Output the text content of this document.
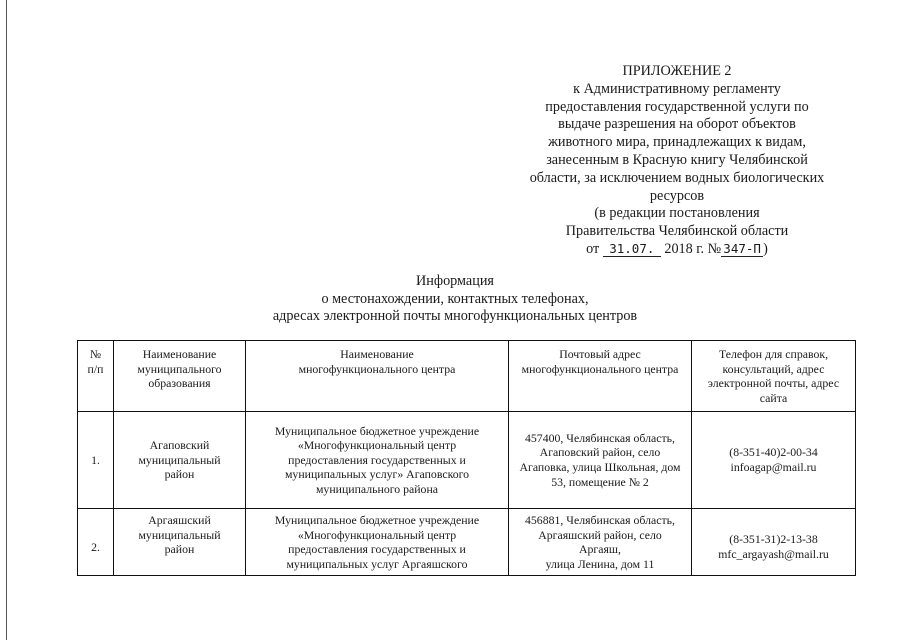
ПРИЛОЖЕНИЕ 2
к Административному регламенту
предоставления государственной услуги по
выдаче разрешения на оборот объектов
животного мира, принадлежащих к видам,
занесенным в Красную книгу Челябинской
области, за исключением водных биологических
ресурсов
(в редакции постановления
Правительства Челябинской области
от 31.07. 2018 г. № 347-П )
Информация
о местонахождении, контактных телефонах,
адресах электронной почты многофункциональных центров
№
п/п	Наименование
муниципального
образования	Наименование
многофункционального центра	Почтовый адрес
многофункционального центра	Телефон для справок,
консультаций, адрес
электронной почты, адрес
сайта

1.	Агаповский
муниципальный
район	Муниципальное бюджетное учреждение
«Многофункциональный центр
предоставления государственных и
муниципальных услуг» Агаповского
муниципального района	457400, Челябинская область,
Агаповский район, село
Агаповка, улица Школьная, дом
53, помещение № 2	(8-351-40)2-00-34
infoagap@mail.ru

2.	Аргаяшский
муниципальный
район	Муниципальное бюджетное учреждение
«Многофункциональный центр
предоставления государственных и
муниципальных услуг Аргаяшского	456881, Челябинская область,
Аргаяшский район, село
Аргаяш,
улица Ленина, дом 11	(8-351-31)2-13-38
mfc_argayash@mail.ru
